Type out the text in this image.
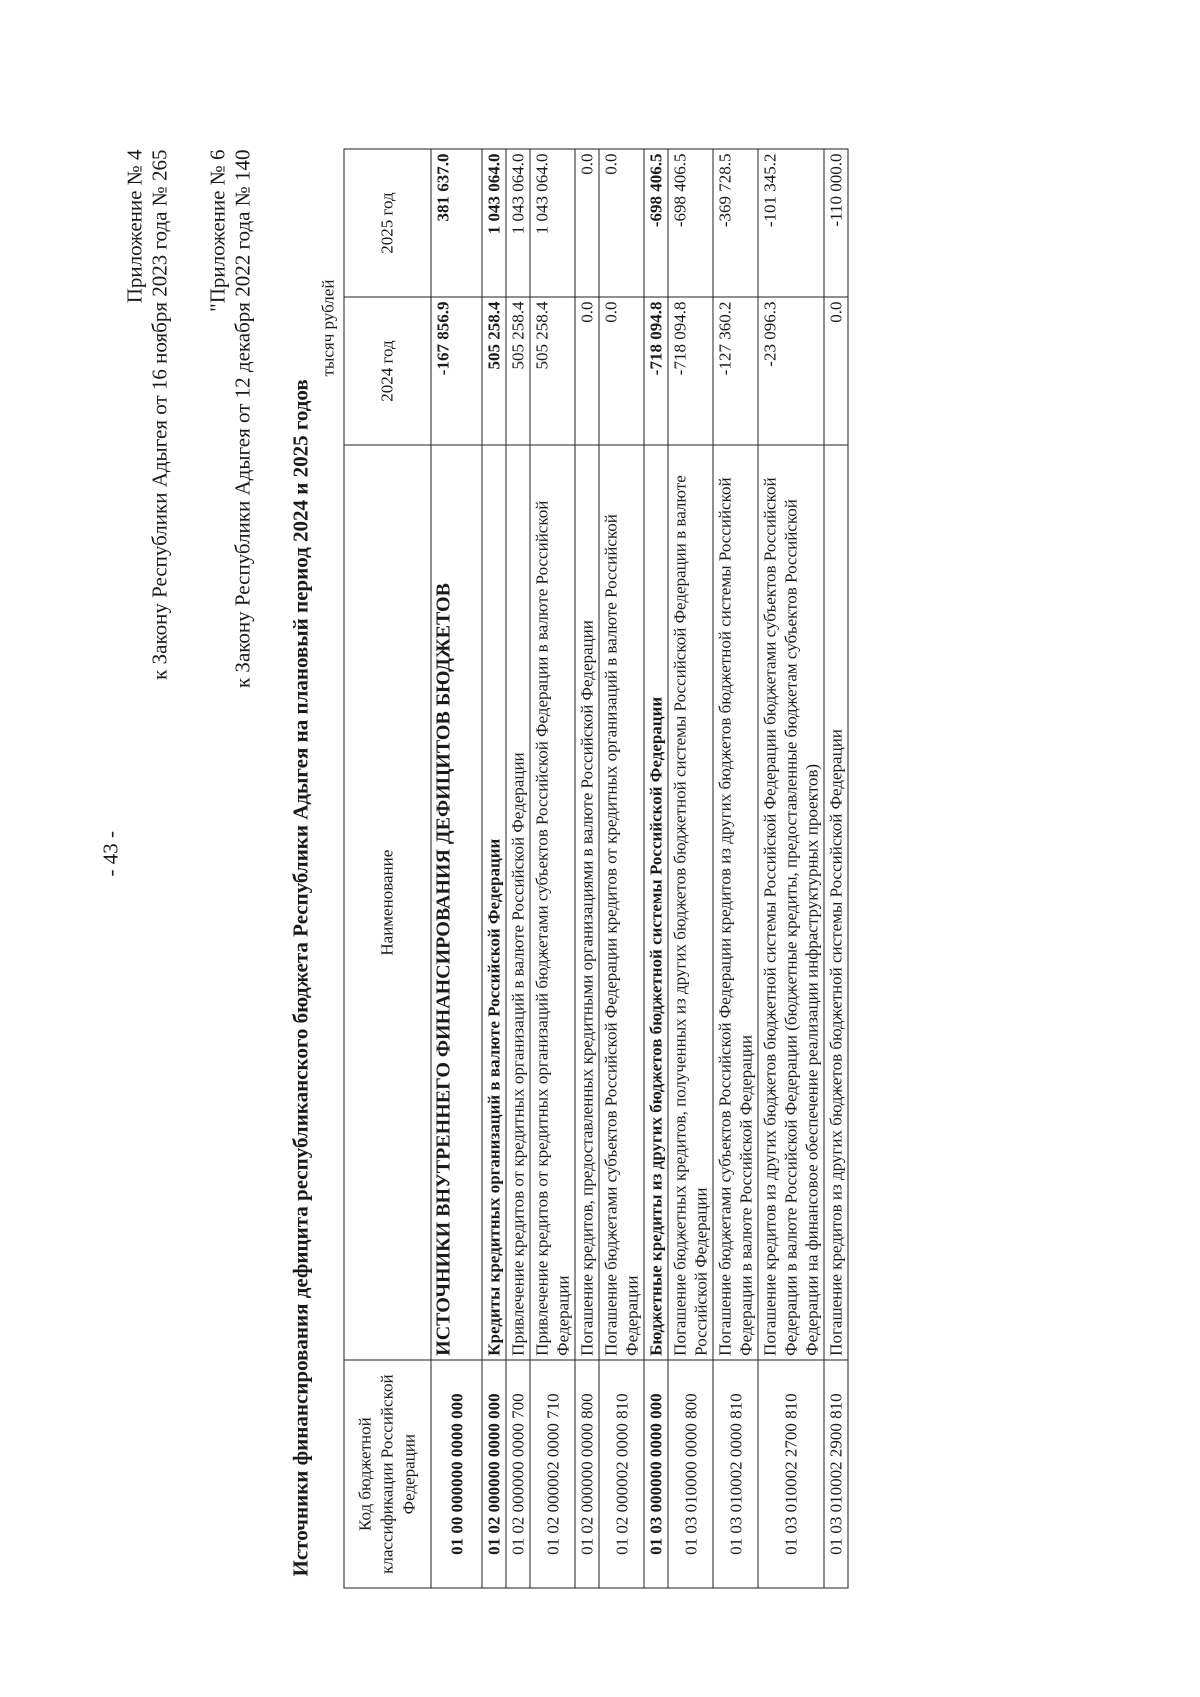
- 43 -
Приложение № 4 к Закону Республики Адыгея от 16 ноября 2023 года № 265 "Приложение № 6 к Закону Республики Адыгея от 12 декабря 2022 года № 140 Источники финансирования дефицита республиканского бюджета Республики Адыгея на плановый период 2024 и 2025 годов
тысяч рублей
Код бюджетной классификации Российской Федерации	Наименование	2024 год	2025 год
01 00 000000 0000 000	ИСТОЧНИКИ ВНУТРЕННЕГО ФИНАНСИРОВАНИЯ ДЕФИЦИТОВ БЮДЖЕТОВ	-167 856.9	381 637.0
01 02 000000 0000 000	Кредиты кредитных организаций в валюте Российской Федерации	505 258.4	1 043 064.0
01 02 000000 0000 700	Привлечение кредитов от кредитных организаций в валюте Российской Федерации	505 258.4	1 043 064.0
01 02 000002 0000 710	Привлечение кредитов от кредитных организаций бюджетами субъектов Российской Федерации в валюте Российской Федерации	505 258.4	1 043 064.0
01 02 000000 0000 800	Погашение кредитов, предоставленных кредитными организациями в валюте Российской Федерации	0.0	0.0
01 02 000002 0000 810	Погашение бюджетами субъектов Российской Федерации кредитов от кредитных организаций в валюте Российской Федерации	0.0	0.0
01 03 000000 0000 000	Бюджетные кредиты из других бюджетов бюджетной системы Российской Федерации	-718 094.8	-698 406.5
01 03 010000 0000 800	Погашение бюджетных кредитов, полученных из других бюджетов бюджетной системы Российской Федерации в валюте Российской Федерации	-718 094.8	-698 406.5
01 03 010002 0000 810	Погашение бюджетами субъектов Российской Федерации кредитов из других бюджетов бюджетной системы Российской Федерации в валюте Российской Федерации	-127 360.2	-369 728.5
01 03 010002 2700 810	Погашение кредитов из других бюджетов бюджетной системы Российской Федерации бюджетами субъектов Российской Федерации в валюте Российской Федерации (бюджетные кредиты, предоставленные бюджетам субъектов Российской Федерации на финансовое обеспечение реализации инфраструктурных проектов)	-23 096.3	-101 345.2
01 03 010002 2900 810	Погашение кредитов из других бюджетов бюджетной системы Российской Федерации	0.0	-110 000.0
